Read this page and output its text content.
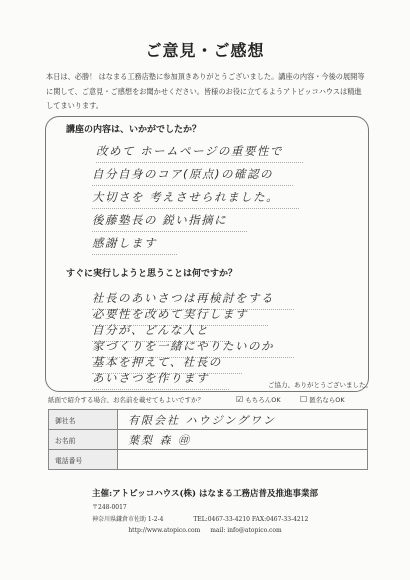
ご意見・ご感想
本日は、必勝！ はなまる工務店塾に参加頂きありがとうございました。講座の内容・今後の展開等に関して、ご意見・ご感想をお聞かせください。皆様のお役に立てるようアトピッコハウスは精進してまいります。
講座の内容は、いかがでしたか？
改めて ホームページの重要性で
自分自身のコア(原点)の確認の
大切さを 考えさせられました。
後藤塾長の 鋭い指摘に
感謝します
すぐに実行しようと思うことは何ですか？
社長のあいさつは再検討をする
必要性を改めて実行します
自分が、どんな人と
家づくりを一緒にやりたいのか
基本を押えて、社長の
あいさつを作ります	ご協力、ありがとうございました。
紙面で紹介する場合、お名前を載せてもよいですか？	☑ もちろんOK ☐ 匿名ならOK
御社名	有限会社 ハウジングワン
お名前	葉梨 森 ㊞
電話番号	
主催:アトピッコハウス(株) はなまる工務店普及推進事業部
〒248-0017
神奈川県鎌倉市佐助 1-2-4	TEL:0467-33-4210 FAX:0467-33-4212
http://www.atopico.com mail: info@atopico.com
